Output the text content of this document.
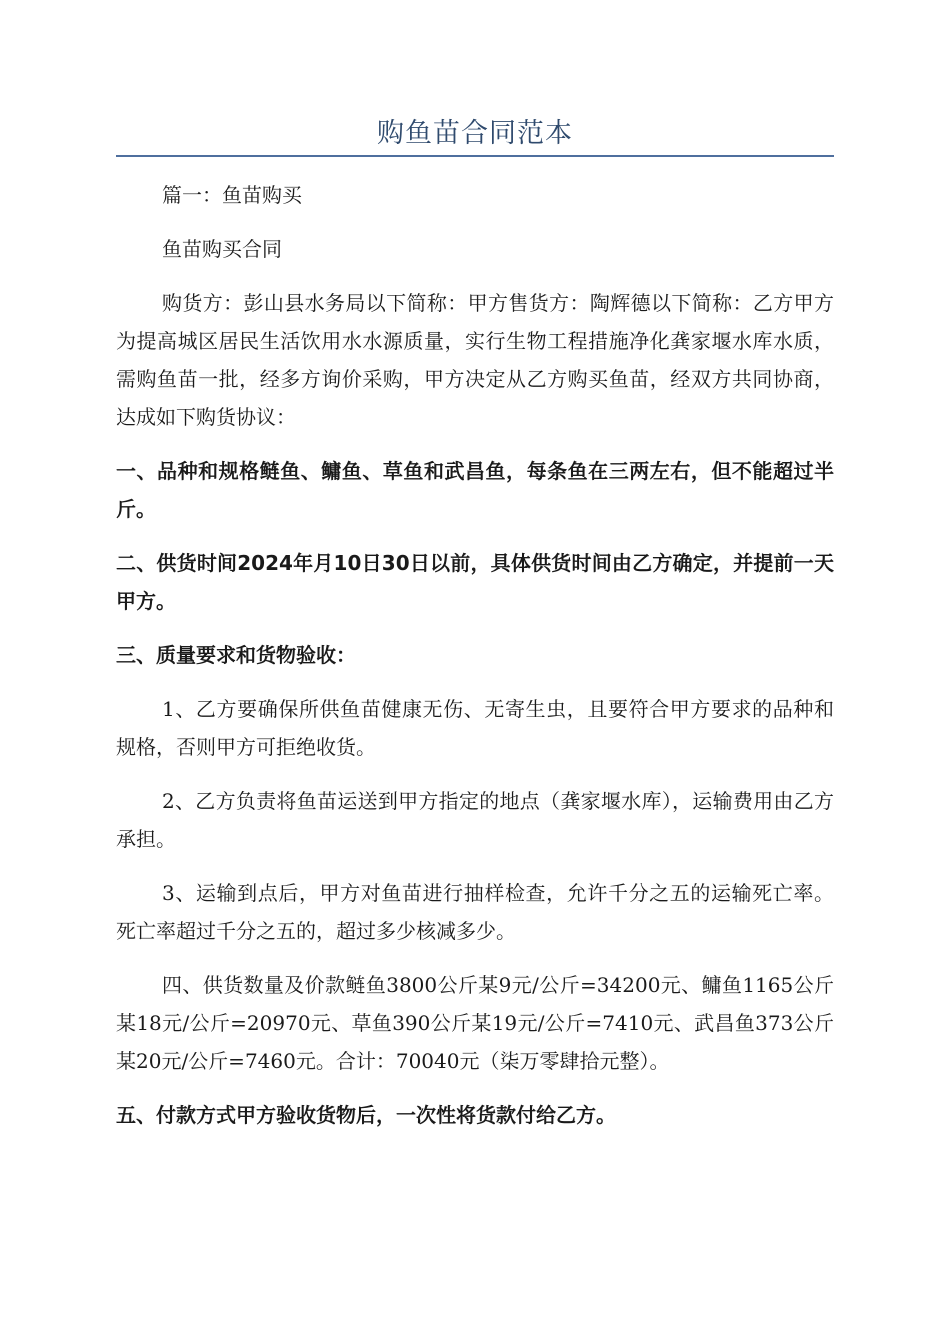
购鱼苗合同范本

篇一：鱼苗购买

鱼苗购买合同

购货方：彭山县水务局以下简称：甲方售货方：陶辉德以下简称：乙方甲方为提高城区居民生活饮用水水源质量，实行生物工程措施净化龚家堰水库水质，需购鱼苗一批，经多方询价采购，甲方决定从乙方购买鱼苗，经双方共同协商，达成如下购货协议：

一、品种和规格鲢鱼、鳙鱼、草鱼和武昌鱼，每条鱼在三两左右，但不能超过半斤。

二、供货时间2024年月10日30日以前，具体供货时间由乙方确定，并提前一天甲方。

三、质量要求和货物验收：

1、乙方要确保所供鱼苗健康无伤、无寄生虫，且要符合甲方要求的品种和规格，否则甲方可拒绝收货。

2、乙方负责将鱼苗运送到甲方指定的地点（龚家堰水库），运输费用由乙方承担。

3、运输到点后，甲方对鱼苗进行抽样检查，允许千分之五的运输死亡率。死亡率超过千分之五的，超过多少核减多少。

四、供货数量及价款鲢鱼3800公斤某9元/公斤=34200元、鳙鱼1165公斤某18元/公斤=20970元、草鱼390公斤某19元/公斤=7410元、武昌鱼373公斤某20元/公斤=7460元。合计：70040元（柒万零肆拾元整）。

五、付款方式甲方验收货物后，一次性将货款付给乙方。
